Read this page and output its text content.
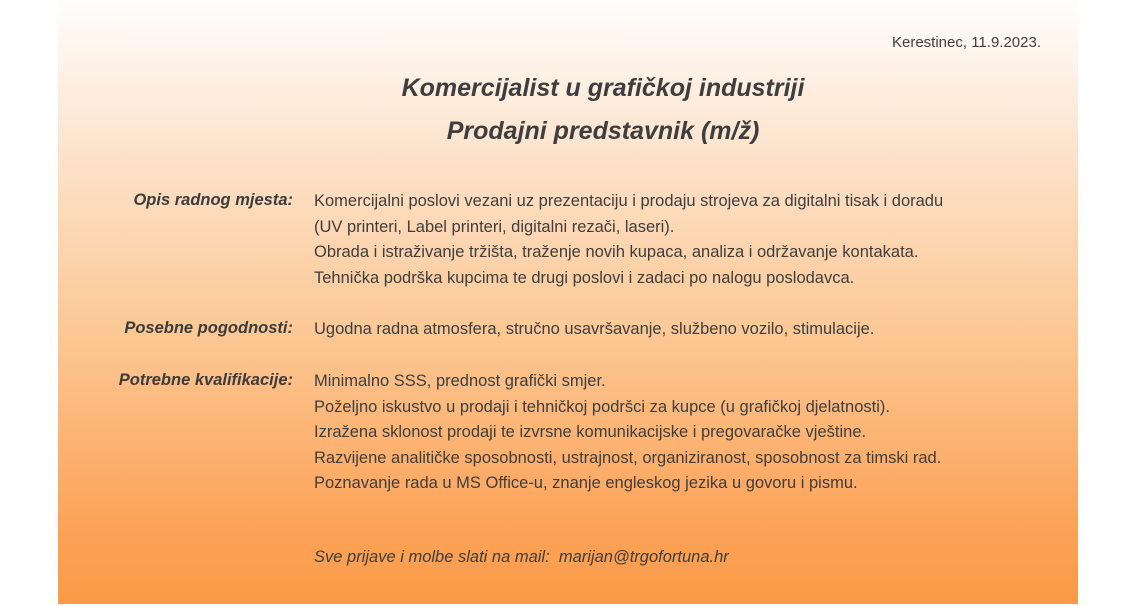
Kerestinec, 11.9.2023.
Komercijalist u grafičkoj industriji
Prodajni predstavnik (m/ž)
Opis radnog mjesta: Komercijalni poslovi vezani uz prezentaciju i prodaju strojeva za digitalni tisak i doradu
(UV printeri, Label printeri, digitalni rezači, laseri).
Obrada i istraživanje tržišta, traženje novih kupaca, analiza i održavanje kontakata.
Tehnička podrška kupcima te drugi poslovi i zadaci po nalogu poslodavca.
Posebne pogodnosti: Ugodna radna atmosfera, stručno usavršavanje, službeno vozilo, stimulacije.
Potrebne kvalifikacije: Minimalno SSS, prednost grafički smjer.
Poželjno iskustvo u prodaji i tehničkoj podršci za kupce (u grafičkoj djelatnosti).
Izražena sklonost prodaji te izvrsne komunikacijske i pregovaračke vještine.
Razvijene analitičke sposobnosti, ustrajnost, organiziranost, sposobnost za timski rad.
Poznavanje rada u MS Office-u, znanje engleskog jezika u govoru i pismu.
Sve prijave i molbe slati na mail: marijan@trgofortuna.hr
